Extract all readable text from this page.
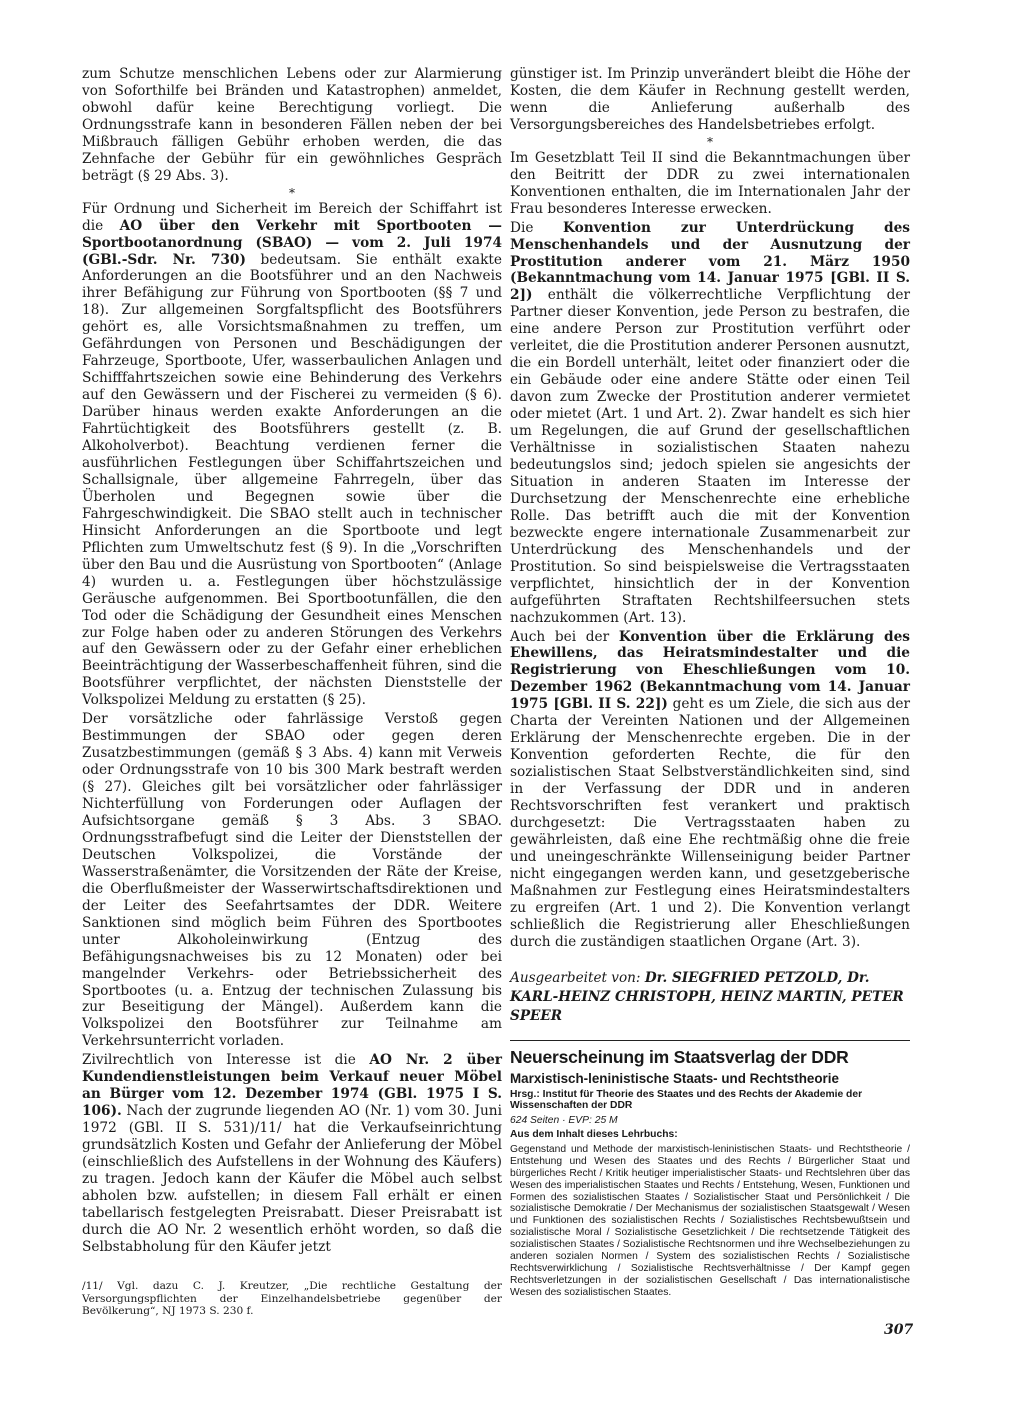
zum Schutze menschlichen Lebens oder zur Alarmierung von Soforthilfe bei Bränden und Katastrophen) anmeldet, obwohl dafür keine Berechtigung vorliegt. Die Ordnungsstrafe kann in besonderen Fällen neben der bei Mißbrauch fälligen Gebühr erhoben werden, die das Zehnfache der Gebühr für ein gewöhnliches Gespräch beträgt (§ 29 Abs. 3).

*

Für Ordnung und Sicherheit im Bereich der Schiffahrt ist die AO über den Verkehr mit Sportbooten — Sportbootanordnung (SBAO) — vom 2. Juli 1974 (GBl.-Sdr. Nr. 730) bedeutsam. Sie enthält exakte Anforderungen an die Bootsführer und an den Nachweis ihrer Befähigung zur Führung von Sportbooten (§§ 7 und 18). Zur allgemeinen Sorgfaltspflicht des Bootsführers gehört es, alle Vorsichtsmaßnahmen zu treffen, um Gefährdungen von Personen und Beschädigungen der Fahrzeuge, Sportboote, Ufer, wasserbaulichen Anlagen und Schifffahrtszeichen sowie eine Behinderung des Verkehrs auf den Gewässern und der Fischerei zu vermeiden (§ 6). Darüber hinaus werden exakte Anforderungen an die Fahrtüchtigkeit des Bootsführers gestellt (z. B. Alkoholverbot). Beachtung verdienen ferner die ausführlichen Festlegungen über Schiffahrtszeichen und Schallsignale, über allgemeine Fahrregeln, über das Überholen und Begegnen sowie über die Fahrgeschwindigkeit. Die SBAO stellt auch in technischer Hinsicht Anforderungen an die Sportboote und legt Pflichten zum Umweltschutz fest (§ 9). In die „Vorschriften über den Bau und die Ausrüstung von Sportbooten“ (Anlage 4) wurden u. a. Festlegungen über höchstzulässige Geräusche aufgenommen. Bei Sportbootunfällen, die den Tod oder die Schädigung der Gesundheit eines Menschen zur Folge haben oder zu anderen Störungen des Verkehrs auf den Gewässern oder zu der Gefahr einer erheblichen Beeinträchtigung der Wasserbeschaffenheit führen, sind die Bootsführer verpflichtet, der nächsten Dienststelle der Volkspolizei Meldung zu erstatten (§ 25).

Der vorsätzliche oder fahrlässige Verstoß gegen Bestimmungen der SBAO oder gegen deren Zusatzbestimmungen (gemäß § 3 Abs. 4) kann mit Verweis oder Ordnungsstrafe von 10 bis 300 Mark bestraft werden (§ 27). Gleiches gilt bei vorsätzlicher oder fahrlässiger Nichterfüllung von Forderungen oder Auflagen der Aufsichtsorgane gemäß § 3 Abs. 3 SBAO. Ordnungsstrafbefugt sind die Leiter der Dienststellen der Deutschen Volkspolizei, die Vorstände der Wasserstraßenämter, die Vorsitzenden der Räte der Kreise, die Oberflußmeister der Wasserwirtschaftsdirektionen und der Leiter des Seefahrtsamtes der DDR. Weitere Sanktionen sind möglich beim Führen des Sportbootes unter Alkoholeinwirkung (Entzug des Befähigungsnachweises bis zu 12 Monaten) oder bei mangelnder Verkehrs- oder Betriebssicherheit des Sportbootes (u. a. Entzug der technischen Zulassung bis zur Beseitigung der Mängel). Außerdem kann die Volkspolizei den Bootsführer zur Teilnahme am Verkehrsunterricht vorladen.

Zivilrechtlich von Interesse ist die AO Nr. 2 über Kundendienstleistungen beim Verkauf neuer Möbel an Bürger vom 12. Dezember 1974 (GBl. 1975 I S. 106). Nach der zugrunde liegenden AO (Nr. 1) vom 30. Juni 1972 (GBl. II S. 531)/11/ hat die Verkaufseinrichtung grundsätzlich Kosten und Gefahr der Anlieferung der Möbel (einschließlich des Aufstellens in der Wohnung des Käufers) zu tragen. Jedoch kann der Käufer die Möbel auch selbst abholen bzw. aufstellen; in diesem Fall erhält er einen tabellarisch festgelegten Preisrabatt. Dieser Preisrabatt ist durch die AO Nr. 2 wesentlich erhöht worden, so daß die Selbstabholung für den Käufer jetzt

/11/ Vgl. dazu C. J. Kreutzer, „Die rechtliche Gestaltung der Versorgungspflichten der Einzelhandelsbetriebe gegenüber der Bevölkerung“, NJ 1973 S. 230 f.

günstiger ist. Im Prinzip unverändert bleibt die Höhe der Kosten, die dem Käufer in Rechnung gestellt werden, wenn die Anlieferung außerhalb des Versorgungsbereiches des Handelsbetriebes erfolgt.

*

Im Gesetzblatt Teil II sind die Bekanntmachungen über den Beitritt der DDR zu zwei internationalen Konventionen enthalten, die im Internationalen Jahr der Frau besonderes Interesse erwecken.

Die Konvention zur Unterdrückung des Menschenhandels und der Ausnutzung der Prostitution anderer vom 21. März 1950 (Bekanntmachung vom 14. Januar 1975 [GBl. II S. 2]) enthält die völkerrechtliche Verpflichtung der Partner dieser Konvention, jede Person zu bestrafen, die eine andere Person zur Prostitution verführt oder verleitet, die die Prostitution anderer Personen ausnutzt, die ein Bordell unterhält, leitet oder finanziert oder die ein Gebäude oder eine andere Stätte oder einen Teil davon zum Zwecke der Prostitution anderer vermietet oder mietet (Art. 1 und Art. 2). Zwar handelt es sich hier um Regelungen, die auf Grund der gesellschaftlichen Verhältnisse in sozialistischen Staaten nahezu bedeutungslos sind; jedoch spielen sie angesichts der Situation in anderen Staaten im Interesse der Durchsetzung der Menschenrechte eine erhebliche Rolle. Das betrifft auch die mit der Konvention bezweckte engere internationale Zusammenarbeit zur Unterdrückung des Menschenhandels und der Prostitution. So sind beispielsweise die Vertragsstaaten verpflichtet, hinsichtlich der in der Konvention aufgeführten Straftaten Rechtshilfeersuchen stets nachzukommen (Art. 13).

Auch bei der Konvention über die Erklärung des Ehewillens, das Heiratsmindestalter und die Registrierung von Eheschließungen vom 10. Dezember 1962 (Bekanntmachung vom 14. Januar 1975 [GBl. II S. 22]) geht es um Ziele, die sich aus der Charta der Vereinten Nationen und der Allgemeinen Erklärung der Menschenrechte ergeben. Die in der Konvention geforderten Rechte, die für den sozialistischen Staat Selbstverständlichkeiten sind, sind in der Verfassung der DDR und in anderen Rechtsvorschriften fest verankert und praktisch durchgesetzt: Die Vertragsstaaten haben zu gewährleisten, daß eine Ehe rechtmäßig ohne die freie und uneingeschränkte Willenseinigung beider Partner nicht eingegangen werden kann, und gesetzgeberische Maßnahmen zur Festlegung eines Heiratsmindestalters zu ergreifen (Art. 1 und 2). Die Konvention verlangt schließlich die Registrierung aller Eheschließungen durch die zuständigen staatlichen Organe (Art. 3).

Ausgearbeitet von: Dr. SIEGFRIED PETZOLD, Dr. KARL-HEINZ CHRISTOPH, HEINZ MARTIN, PETER SPEER

Neuerscheinung im Staatsverlag der DDR

Marxistisch-leninistische Staats- und Rechtstheorie

Hrsg.: Institut für Theorie des Staates und des Rechts der Akademie der Wissenschaften der DDR

624 Seiten · EVP: 25 M

Aus dem Inhalt dieses Lehrbuchs:

Gegenstand und Methode der marxistisch-leninistischen Staats- und Rechtstheorie / Entstehung und Wesen des Staates und des Rechts / Bürgerlicher Staat und bürgerliches Recht / Kritik heutiger imperialistischer Staats- und Rechtslehren über das Wesen des imperialistischen Staates und Rechts / Entstehung, Wesen, Funktionen und Formen des sozialistischen Staates / Sozialistischer Staat und Persönlichkeit / Die sozialistische Demokratie / Der Mechanismus der sozialistischen Staatsgewalt / Wesen und Funktionen des sozialistischen Rechts / Sozialistisches Rechtsbewußtsein und sozialistische Moral / Sozialistische Gesetzlichkeit / Die rechtsetzende Tätigkeit des sozialistischen Staates / Sozialistische Rechtsnormen und ihre Wechselbeziehungen zu anderen sozialen Normen / System des sozialistischen Rechts / Sozialistische Rechtsverwirklichung / Sozialistische Rechtsverhältnisse / Der Kampf gegen Rechtsverletzungen in der sozialistischen Gesellschaft / Das internationalistische Wesen des sozialistischen Staates.

307
